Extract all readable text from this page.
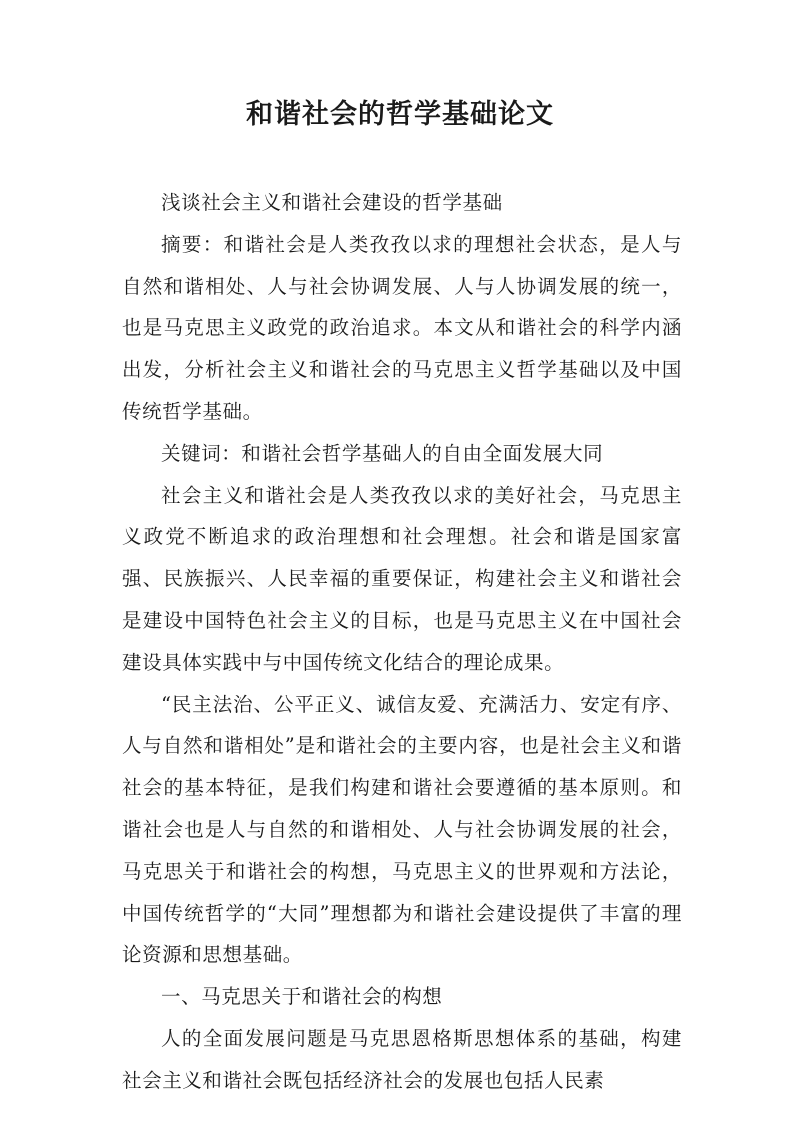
和谐社会的哲学基础论文

浅谈社会主义和谐社会建设的哲学基础

摘要：和谐社会是人类孜孜以求的理想社会状态，是人与自然和谐相处、人与社会协调发展、人与人协调发展的统一，也是马克思主义政党的政治追求。本文从和谐社会的科学内涵出发，分析社会主义和谐社会的马克思主义哲学基础以及中国传统哲学基础。

关键词：和谐社会哲学基础人的自由全面发展大同

社会主义和谐社会是人类孜孜以求的美好社会，马克思主义政党不断追求的政治理想和社会理想。社会和谐是国家富强、民族振兴、人民幸福的重要保证，构建社会主义和谐社会是建设中国特色社会主义的目标，也是马克思主义在中国社会建设具体实践中与中国传统文化结合的理论成果。

“民主法治、公平正义、诚信友爱、充满活力、安定有序、人与自然和谐相处”是和谐社会的主要内容，也是社会主义和谐社会的基本特征，是我们构建和谐社会要遵循的基本原则。和谐社会也是人与自然的和谐相处、人与社会协调发展的社会，马克思关于和谐社会的构想，马克思主义的世界观和方法论，中国传统哲学的“大同”理想都为和谐社会建设提供了丰富的理论资源和思想基础。

一、马克思关于和谐社会的构想

人的全面发展问题是马克思恩格斯思想体系的基础，构建社会主义和谐社会既包括经济社会的发展也包括人民素
